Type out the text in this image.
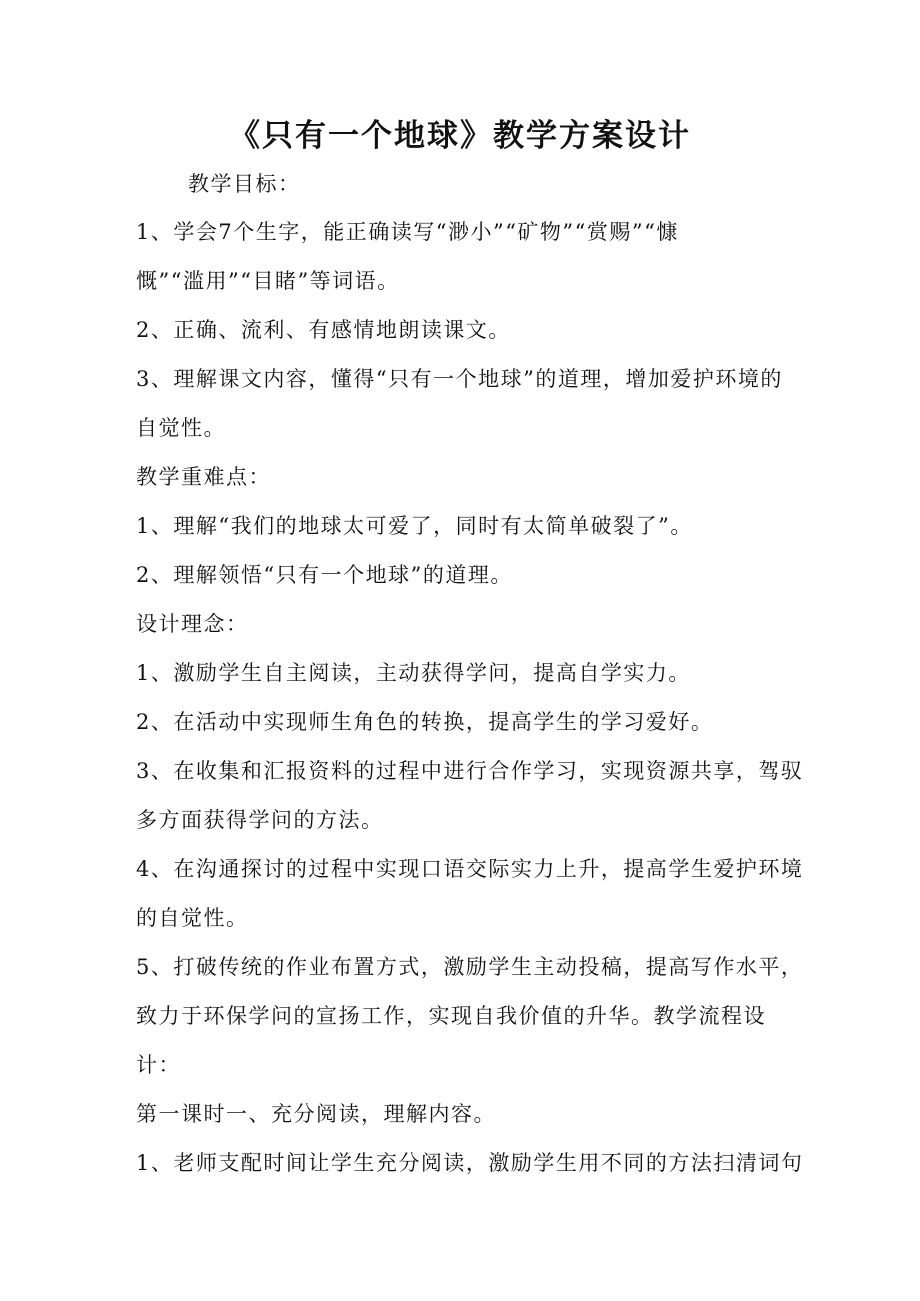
《只有一个地球》教学方案设计
教学目标：
1、学会7个生字，能正确读写“渺小”“矿物”“赏赐”“慷
慨”“滥用”“目睹”等词语。
2、正确、流利、有感情地朗读课文。
3、理解课文内容，懂得“只有一个地球”的道理，增加爱护环境的
自觉性。
教学重难点：
1、理解“我们的地球太可爱了，同时有太简单破裂了”。
2、理解领悟“只有一个地球”的道理。
设计理念：
1、激励学生自主阅读，主动获得学问，提高自学实力。
2、在活动中实现师生角色的转换，提高学生的学习爱好。
3、在收集和汇报资料的过程中进行合作学习，实现资源共享，驾驭
多方面获得学问的方法。
4、在沟通探讨的过程中实现口语交际实力上升，提高学生爱护环境
的自觉性。
5、打破传统的作业布置方式，激励学生主动投稿，提高写作水平，
致力于环保学问的宣扬工作，实现自我价值的升华。教学流程设
计：
第一课时一、充分阅读，理解内容。
1、老师支配时间让学生充分阅读，激励学生用不同的方法扫清词句
